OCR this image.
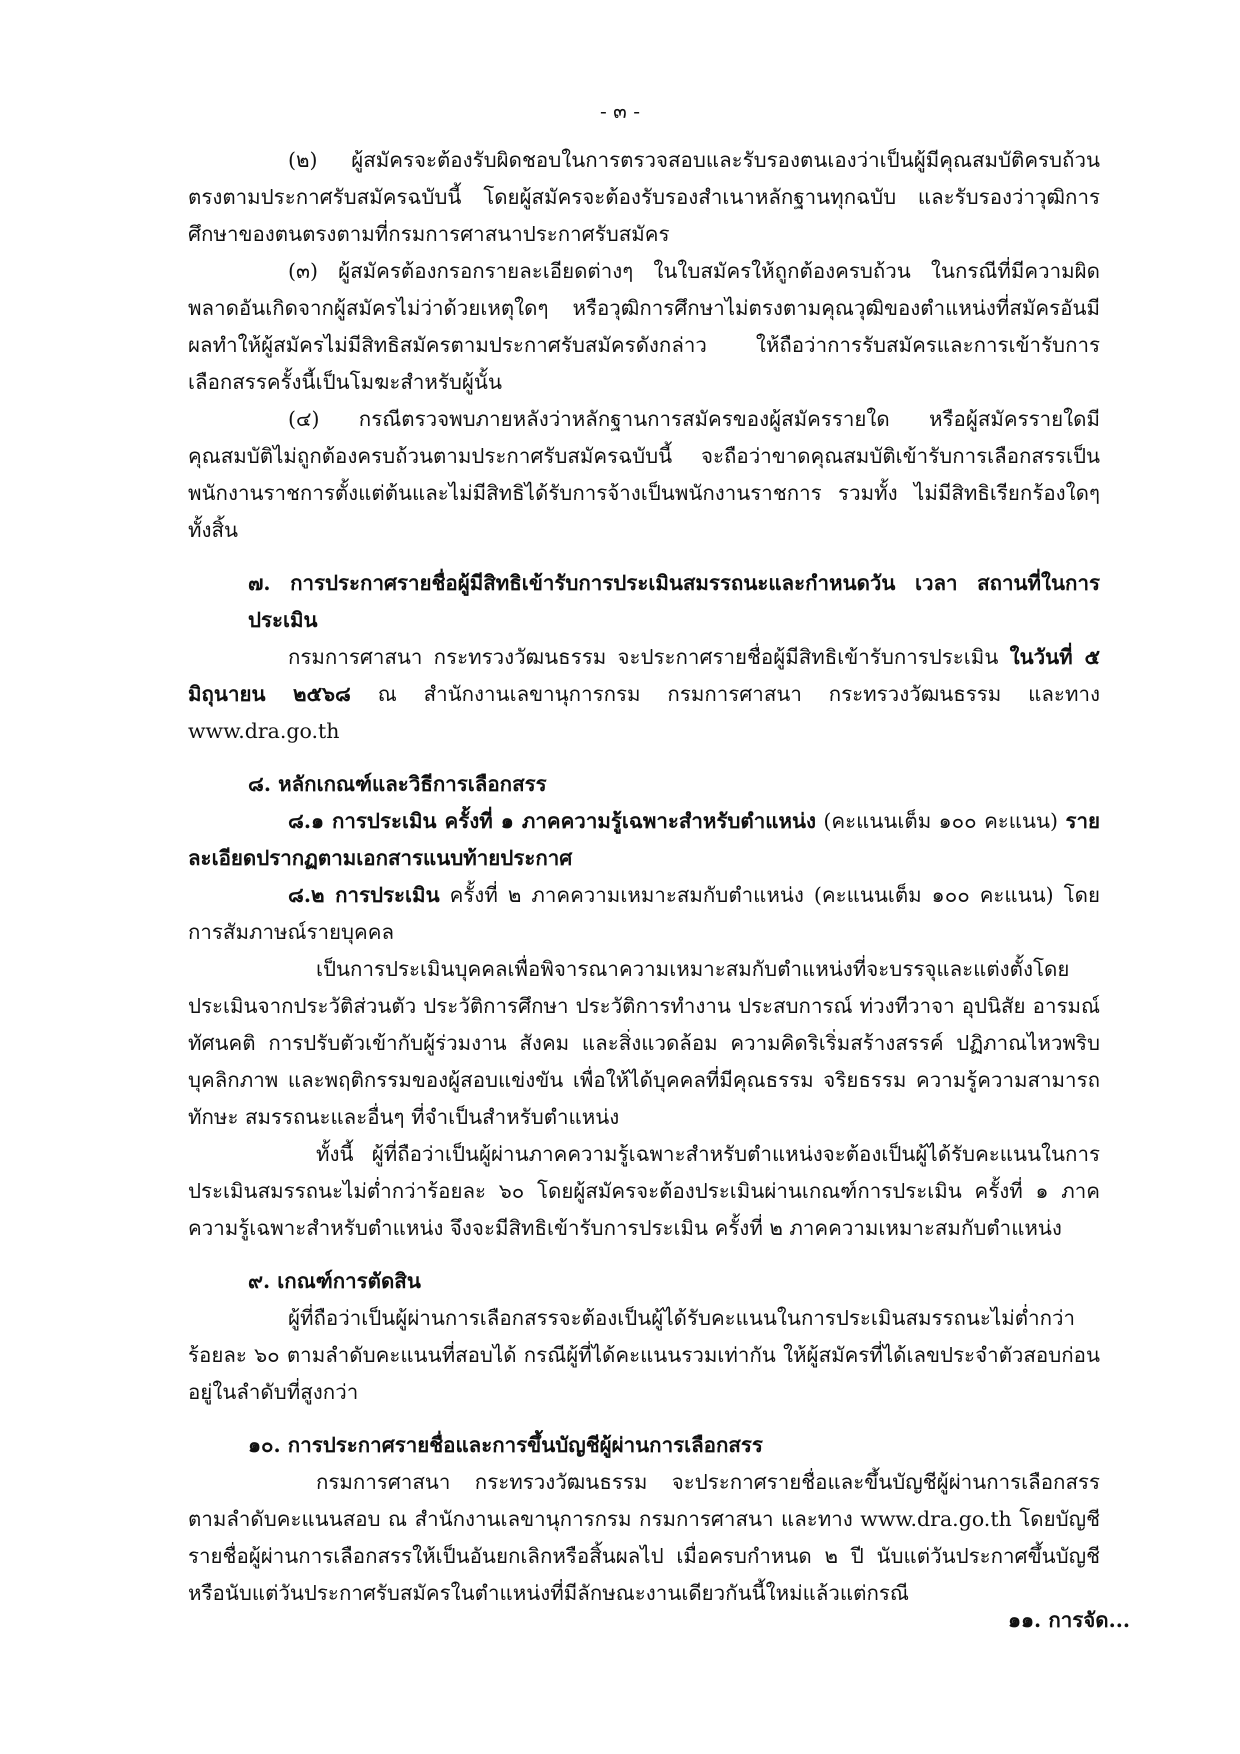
- ๓ -

(๒) ผู้สมัครจะต้องรับผิดชอบในการตรวจสอบและรับรองตนเองว่าเป็นผู้มีคุณสมบัติครบถ้วนตรงตามประกาศรับสมัครฉบับนี้ โดยผู้สมัครจะต้องรับรองสำเนาหลักฐานทุกฉบับ และรับรองว่าวุฒิการศึกษาของตนตรงตามที่กรมการศาสนาประกาศรับสมัคร

(๓) ผู้สมัครต้องกรอกรายละเอียดต่างๆ ในใบสมัครให้ถูกต้องครบถ้วน ในกรณีที่มีความผิดพลาดอันเกิดจากผู้สมัครไม่ว่าด้วยเหตุใดๆ หรือวุฒิการศึกษาไม่ตรงตามคุณวุฒิของตำแหน่งที่สมัครอันมีผลทำให้ผู้สมัครไม่มีสิทธิสมัครตามประกาศรับสมัครดังกล่าว ให้ถือว่าการรับสมัครและการเข้ารับการเลือกสรรครั้งนี้เป็นโมฆะสำหรับผู้นั้น

(๔) กรณีตรวจพบภายหลังว่าหลักฐานการสมัครของผู้สมัครรายใด หรือผู้สมัครรายใดมีคุณสมบัติไม่ถูกต้องครบถ้วนตามประกาศรับสมัครฉบับนี้ จะถือว่าขาดคุณสมบัติเข้ารับการเลือกสรรเป็นพนักงานราชการตั้งแต่ต้นและไม่มีสิทธิได้รับการจ้างเป็นพนักงานราชการ รวมทั้ง ไม่มีสิทธิเรียกร้องใดๆ ทั้งสิ้น

๗. การประกาศรายชื่อผู้มีสิทธิเข้ารับการประเมินสมรรถนะและกำหนดวัน เวลา สถานที่ในการประเมิน

กรมการศาสนา กระทรวงวัฒนธรรม จะประกาศรายชื่อผู้มีสิทธิเข้ารับการประเมิน ในวันที่ ๕ มิถุนายน ๒๕๖๘ ณ สำนักงานเลขานุการกรม กรมการศาสนา กระทรวงวัฒนธรรม และทาง www.dra.go.th

๘. หลักเกณฑ์และวิธีการเลือกสรร

๘.๑ การประเมิน ครั้งที่ ๑ ภาคความรู้เฉพาะสำหรับตำแหน่ง (คะแนนเต็ม ๑๐๐ คะแนน) รายละเอียดปรากฏตามเอกสารแนบท้ายประกาศ

๘.๒ การประเมิน ครั้งที่ ๒ ภาคความเหมาะสมกับตำแหน่ง (คะแนนเต็ม ๑๐๐ คะแนน) โดยการสัมภาษณ์รายบุคคล

เป็นการประเมินบุคคลเพื่อพิจารณาความเหมาะสมกับตำแหน่งที่จะบรรจุและแต่งตั้งโดยประเมินจากประวัติส่วนตัว ประวัติการศึกษา ประวัติการทำงาน ประสบการณ์ ท่วงทีวาจา อุปนิสัย อารมณ์ ทัศนคติ การปรับตัวเข้ากับผู้ร่วมงาน สังคม และสิ่งแวดล้อม ความคิดริเริ่มสร้างสรรค์ ปฏิภาณไหวพริบ บุคลิกภาพ และพฤติกรรมของผู้สอบแข่งขัน เพื่อให้ได้บุคคลที่มีคุณธรรม จริยธรรม ความรู้ความสามารถ ทักษะ สมรรถนะและอื่นๆ ที่จำเป็นสำหรับตำแหน่ง

ทั้งนี้ ผู้ที่ถือว่าเป็นผู้ผ่านภาคความรู้เฉพาะสำหรับตำแหน่งจะต้องเป็นผู้ได้รับคะแนนในการประเมินสมรรถนะไม่ต่ำกว่าร้อยละ ๖๐ โดยผู้สมัครจะต้องประเมินผ่านเกณฑ์การประเมิน ครั้งที่ ๑ ภาคความรู้เฉพาะสำหรับตำแหน่ง จึงจะมีสิทธิเข้ารับการประเมิน ครั้งที่ ๒ ภาคความเหมาะสมกับตำแหน่ง

๙. เกณฑ์การตัดสิน

ผู้ที่ถือว่าเป็นผู้ผ่านการเลือกสรรจะต้องเป็นผู้ได้รับคะแนนในการประเมินสมรรถนะไม่ต่ำกว่าร้อยละ ๖๐ ตามลำดับคะแนนที่สอบได้ กรณีผู้ที่ได้คะแนนรวมเท่ากัน ให้ผู้สมัครที่ได้เลขประจำตัวสอบก่อนอยู่ในลำดับที่สูงกว่า

๑๐. การประกาศรายชื่อและการขึ้นบัญชีผู้ผ่านการเลือกสรร

กรมการศาสนา กระทรวงวัฒนธรรม จะประกาศรายชื่อและขึ้นบัญชีผู้ผ่านการเลือกสรรตามลำดับคะแนนสอบ ณ สำนักงานเลขานุการกรม กรมการศาสนา และทาง www.dra.go.th โดยบัญชีรายชื่อผู้ผ่านการเลือกสรรให้เป็นอันยกเลิกหรือสิ้นผลไป เมื่อครบกำหนด ๒ ปี นับแต่วันประกาศขึ้นบัญชี หรือนับแต่วันประกาศรับสมัครในตำแหน่งที่มีลักษณะงานเดียวกันนี้ใหม่แล้วแต่กรณี

๑๑. การจัด...
